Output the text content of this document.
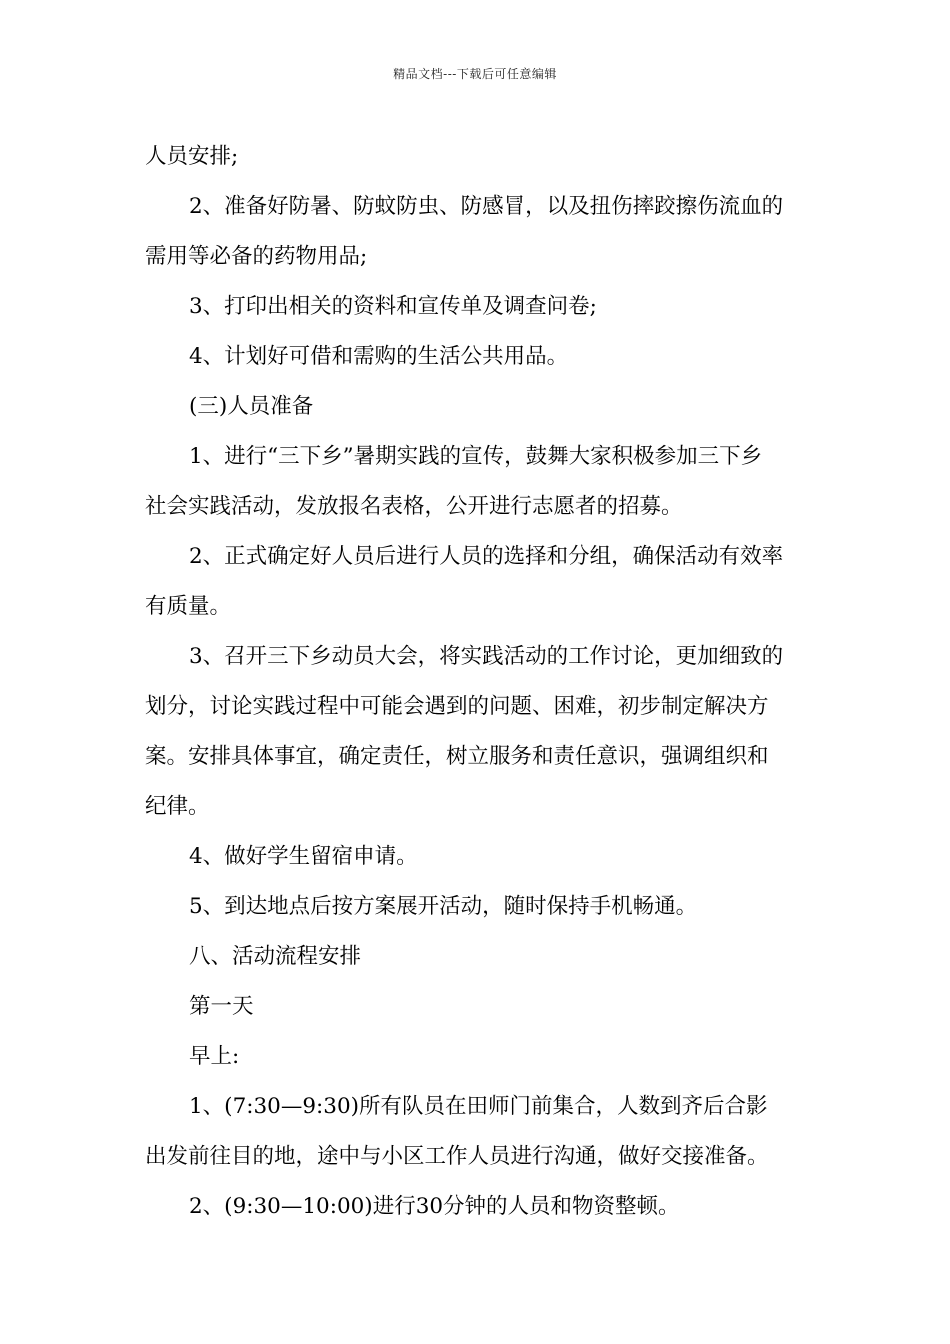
精品文档---下载后可任意编辑

人员安排;

2、准备好防暑、防蚊防虫、防感冒，以及扭伤摔跤擦伤流血的

需用等必备的药物用品;

3、打印出相关的资料和宣传单及调查问卷;

4、计划好可借和需购的生活公共用品。

(三)人员准备

1、进行“三下乡”暑期实践的宣传，鼓舞大家积极参加三下乡

社会实践活动，发放报名表格，公开进行志愿者的招募。

2、正式确定好人员后进行人员的选择和分组，确保活动有效率

有质量。

3、召开三下乡动员大会，将实践活动的工作讨论，更加细致的

划分，讨论实践过程中可能会遇到的问题、困难，初步制定解决方

案。安排具体事宜，确定责任，树立服务和责任意识，强调组织和

纪律。

4、做好学生留宿申请。

5、到达地点后按方案展开活动，随时保持手机畅通。

八、活动流程安排

第一天

早上:

1、(7:30—9:30)所有队员在田师门前集合，人数到齐后合影

出发前往目的地，途中与小区工作人员进行沟通，做好交接准备。

2、(9:30—10:00)进行30分钟的人员和物资整顿。
